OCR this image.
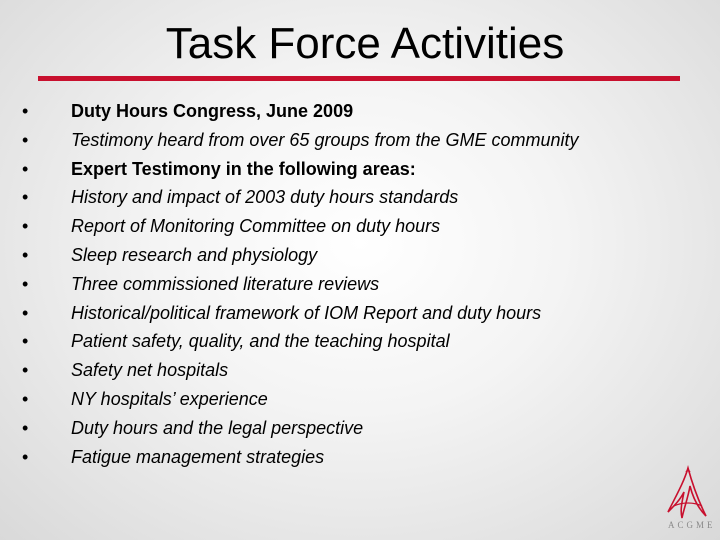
Task Force Activities
• Duty Hours Congress, June 2009
• Testimony heard from over 65 groups from the GME community
• Expert Testimony in the following areas:
• History and impact of 2003 duty hours standards
• Report of Monitoring Committee on duty hours
• Sleep research and physiology
• Three commissioned literature reviews
• Historical/political framework of IOM Report and duty hours
• Patient safety, quality, and the teaching hospital
• Safety net hospitals
• NY hospitals’ experience
• Duty hours and the legal perspective
• Fatigue management strategies
ACGME
